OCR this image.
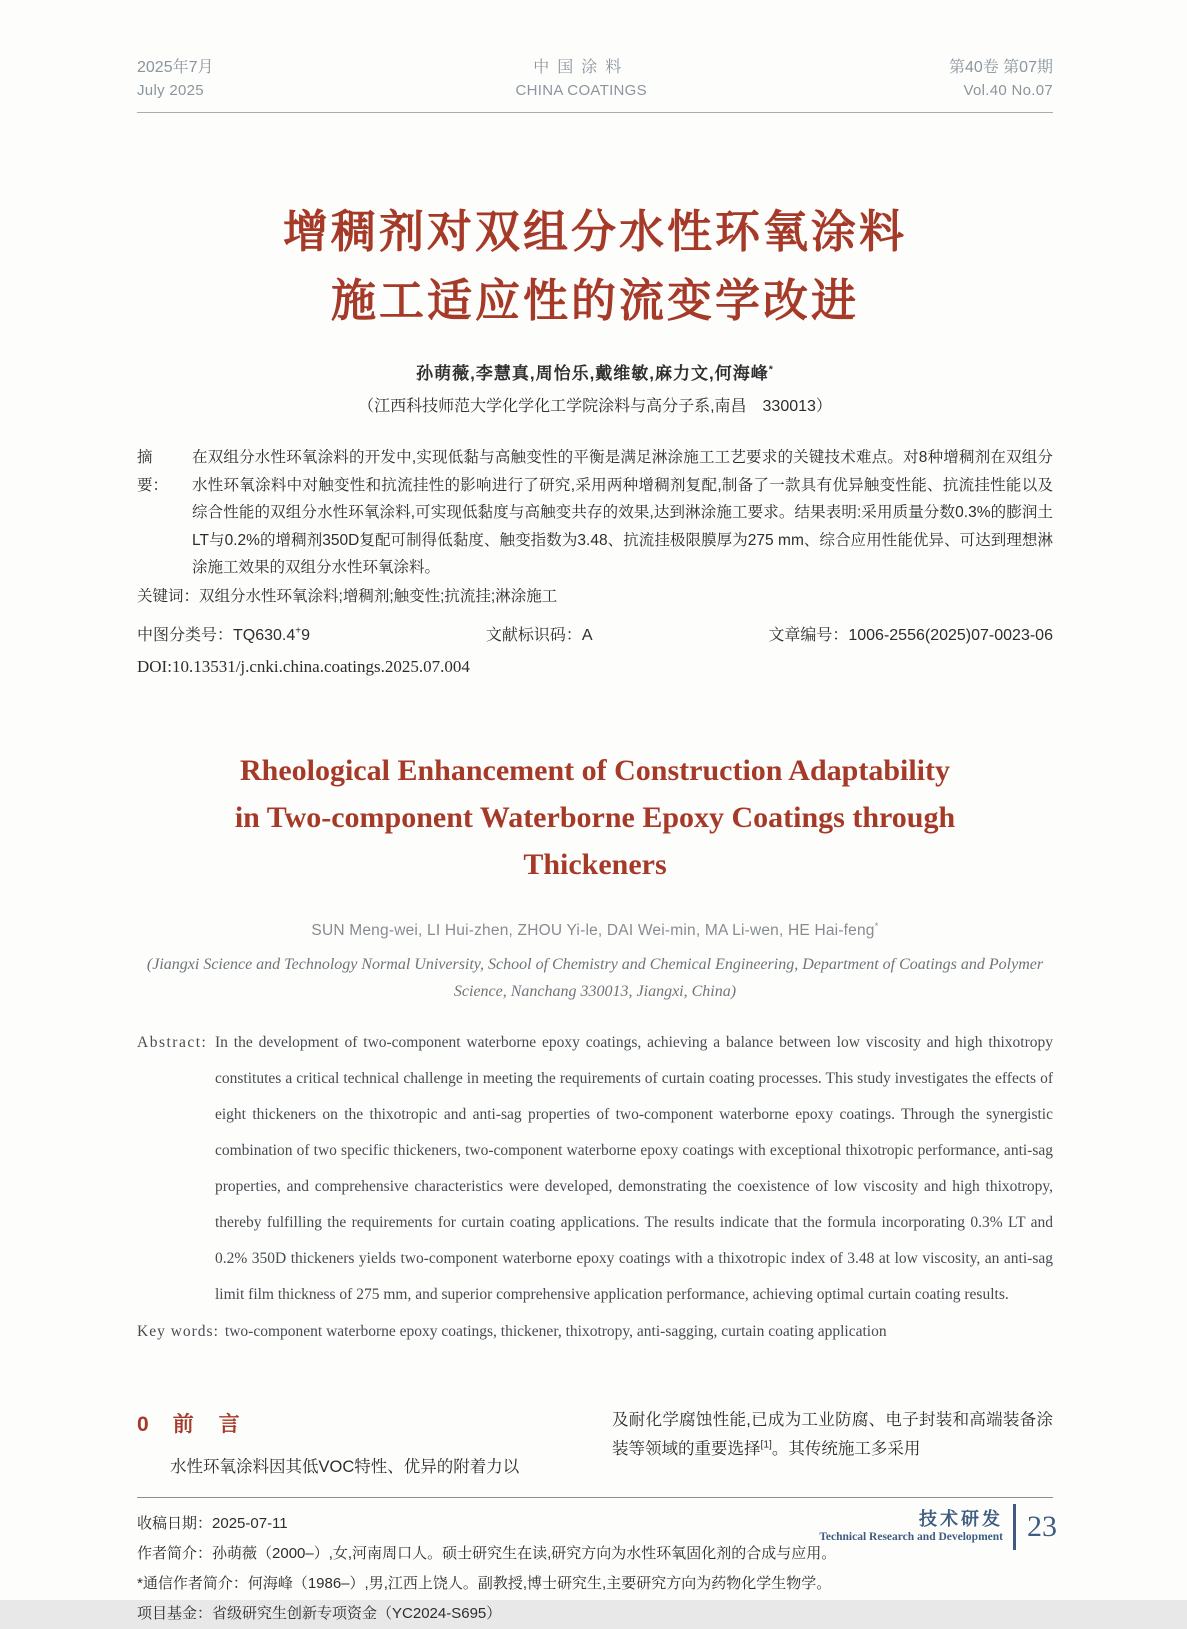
2025年7月
July 2025
中国涂料
CHINA COATINGS
第40卷 第07期
Vol.40 No.07
增稠剂对双组分水性环氧涂料
施工适应性的流变学改进
孙萌薇,李慧真,周怡乐,戴维敏,麻力文,何海峰*
（江西科技师范大学化学化工学院涂料与高分子系,南昌　330013）
摘　要：
在双组分水性环氧涂料的开发中,实现低黏与高触变性的平衡是满足淋涂施工工艺要求的关键技术难点。对8种增稠剂在双组分水性环氧涂料中对触变性和抗流挂性的影响进行了研究,采用两种增稠剂复配,制备了一款具有优异触变性能、抗流挂性能以及综合性能的双组分水性环氧涂料,可实现低黏度与高触变共存的效果,达到淋涂施工要求。结果表明:采用质量分数0.3%的膨润土LT与0.2%的增稠剂350D复配可制得低黏度、触变指数为3.48、抗流挂极限膜厚为275 mm、综合应用性能优异、可达到理想淋涂施工效果的双组分水性环氧涂料。
关键词：双组分水性环氧涂料;增稠剂;触变性;抗流挂;淋涂施工
中图分类号：TQ630.4+9	文献标识码：A	文章编号：1006-2556(2025)07-0023-06
DOI:10.13531/j.cnki.china.coatings.2025.07.004
Rheological Enhancement of Construction Adaptability
in Two-component Waterborne Epoxy Coatings through
Thickeners
SUN Meng-wei, LI Hui-zhen, ZHOU Yi-le, DAI Wei-min, MA Li-wen, HE Hai-feng*
(Jiangxi Science and Technology Normal University, School of Chemistry and Chemical Engineering, Department of Coatings and Polymer Science, Nanchang 330013, Jiangxi, China)
Abstract: In the development of two-component waterborne epoxy coatings, achieving a balance between low viscosity and high thixotropy constitutes a critical technical challenge in meeting the requirements of curtain coating processes. This study investigates the effects of eight thickeners on the thixotropic and anti-sag properties of two-component waterborne epoxy coatings. Through the synergistic combination of two specific thickeners, two-component waterborne epoxy coatings with exceptional thixotropic performance, anti-sag properties, and comprehensive characteristics were developed, demonstrating the coexistence of low viscosity and high thixotropy, thereby fulfilling the requirements for curtain coating applications. The results indicate that the formula incorporating 0.3% LT and 0.2% 350D thickeners yields two-component waterborne epoxy coatings with a thixotropic index of 3.48 at low viscosity, an anti-sag limit film thickness of 275 mm, and superior comprehensive application performance, achieving optimal curtain coating results.
Key words: two-component waterborne epoxy coatings, thickener, thixotropy, anti-sagging, curtain coating application
0 前　言
水性环氧涂料因其低VOC特性、优异的附着力以
及耐化学腐蚀性能,已成为工业防腐、电子封装和高端装备涂装等领域的重要选择[1]。其传统施工多采用
收稿日期：2025-07-11
作者简介：孙萌薇（2000–）,女,河南周口人。硕士研究生在读,研究方向为水性环氧固化剂的合成与应用。
*通信作者简介：何海峰（1986–）,男,江西上饶人。副教授,博士研究生,主要研究方向为药物化学生物学。
项目基金：省级研究生创新专项资金（YC2024-S695）
技术研发
Technical Research and Development 23
